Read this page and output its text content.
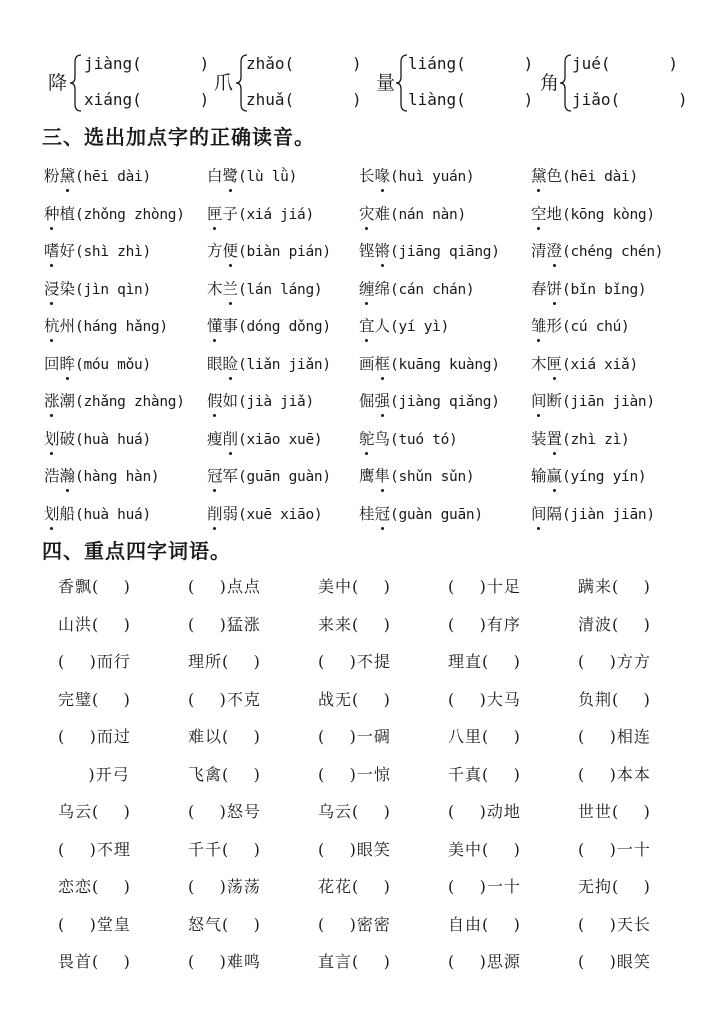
降
jiàng(      )
xiáng(      )
爪
zhǎo(      )
zhuǎ(      )
量
liáng(      )
liàng(      )
角
jué(      )
jiǎo(      )
三、选出加点字的正确读音。
粉黛(hēi dài)	白鹭(lù lǜ)	长喙(huì yuán)	黛色(hēi dài)
种植(zhǒng zhòng) 匣子(xiá jiá)	灾难(nán nàn)	空地(kōng kòng)
嗜好(shì zhì)	方便(biàn pián) 铿锵(jiāng qiāng) 清澄(chéng chén)
浸染(jìn qìn)	木兰(lán láng) 缠绵(cán chán)	春饼(bǐn bǐng)
杭州(háng hǎng)	懂事(dóng dǒng) 宜人(yí yì)	雏形(cú chú)
回眸(móu mǒu)	眼睑(liǎn jiǎn) 画框(kuāng kuàng) 木匣(xiá xiǎ)
涨潮(zhǎng zhàng) 假如(jià jiǎ)	倔强(jiàng qiǎng) 间断(jiān jiàn)
划破(huà huá)	瘦削(xiāo xuē) 鸵鸟(tuó tó)	装置(zhì zì)
浩瀚(hàng hàn)	冠军(guān guàn) 鹰隼(shǔn sǔn)	输赢(yíng yín)
划船(huà huá)	削弱(xuē xiāo) 桂冠(guàn guān)	间隔(jiàn jiān)
四、重点四字词语。
香飘(    )	(    )点点	美中(    )	(    )十足	蹒来(    )
山洪(    )	(    )猛涨	来来(    )	(    )有序	清波(    )
(    )而行	理所(    )	(    )不提	理直(    )	(    )方方
完璧(    )	(    )不克	战无(    )	(    )大马	负荆(    )
(    )而过	难以(    )	(    )一碉	八里(    )	(    )相连
)开弓	飞禽(    )	(    )一惊	千真(    )	(    )本本
乌云(    )	(    )怒号	乌云(    )	(    )动地	世世(    )
(    )不理	千千(    )	(    )眼笑	美中(    )	(    )一十
恋恋(    )	(    )荡荡	花花(    )	(    )一十	无拘(    )
(    )堂皇	怒气(    )	(    )密密	自由(    )	(    )天长
畏首(    )	(    )难鸣	直言(    )	(    )思源	(    )眼笑
